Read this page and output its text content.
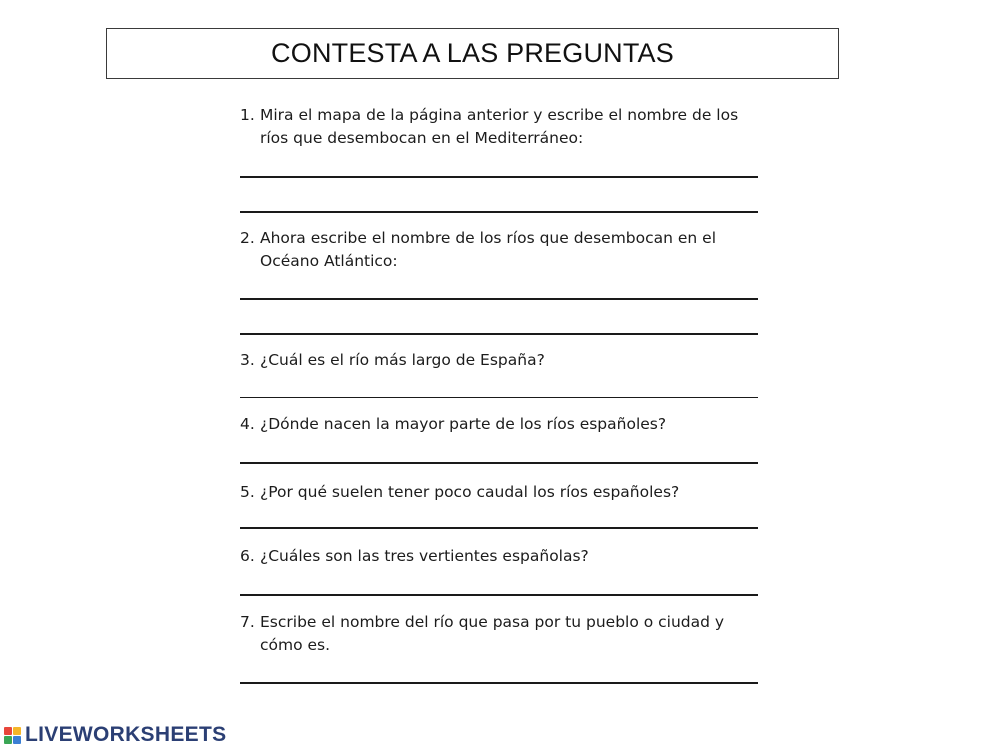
CONTESTA A LAS PREGUNTAS
1. Mira el mapa de la página anterior y escribe el nombre de los ríos que desembocan en el Mediterráneo:
2. Ahora escribe el nombre de los ríos que desembocan en el Océano Atlántico:
3. ¿Cuál es el río más largo de España?
4. ¿Dónde nacen la mayor parte de los ríos españoles?
5. ¿Por qué suelen tener poco caudal los ríos españoles?
6. ¿Cuáles son las tres vertientes españolas?
7. Escribe el nombre del río que pasa por tu pueblo o ciudad y cómo es.
LIVEWORKSHEETS
